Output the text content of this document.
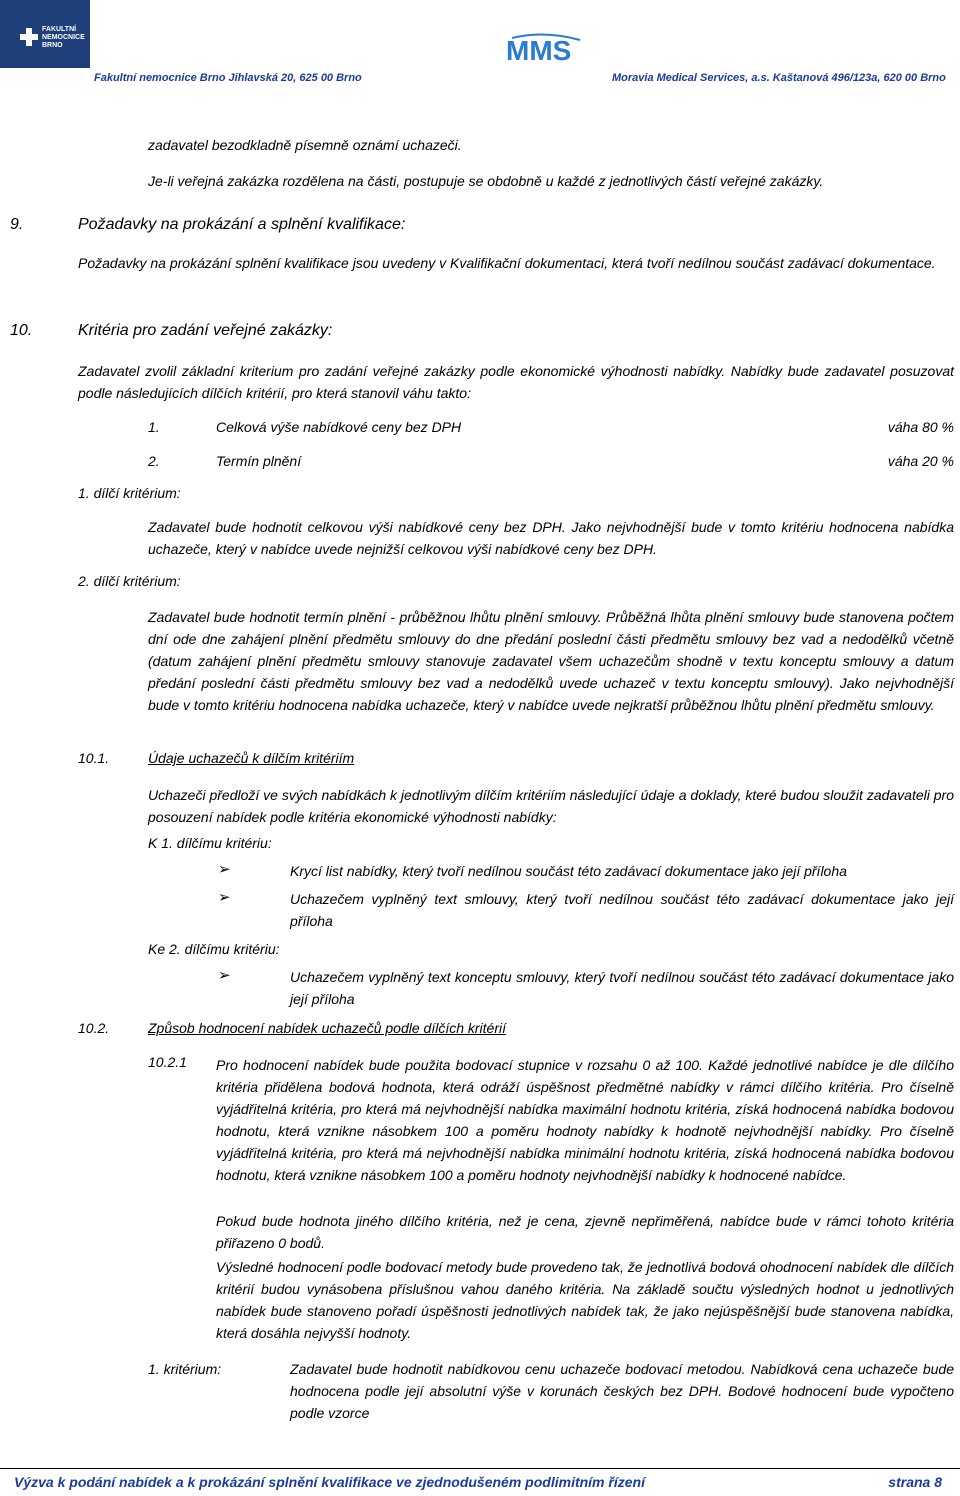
FAKULTNÍ
NEMOCNICE
BRNO	MMS
Fakultní nemocnice Brno Jihlavská 20, 625 00 Brno	Moravia Medical Services, a.s. Kaštanová 496/123a, 620 00 Brno
zadavatel bezodkladně písemně oznámí uchazeči.
Je-li veřejná zakázka rozdělena na části, postupuje se obdobně u každé z jednotlivých částí veřejné zakázky.
9.	Požadavky na prokázání a splnění kvalifikace:
Požadavky na prokázání splnění kvalifikace jsou uvedeny v Kvalifikační dokumentaci, která tvoří nedílnou součást zadávací dokumentace.
10.	Kritéria pro zadání veřejné zakázky:
Zadavatel zvolil základní kriterium pro zadání veřejné zakázky podle ekonomické výhodnosti nabídky. Nabídky bude zadavatel posuzovat podle následujících dílčích kritérií, pro která stanovil váhu takto:
1.	Celková výše nabídkové ceny bez DPH	váha 80 %
2.	Termín plnění	váha 20 %
1. dílčí kritérium:
Zadavatel bude hodnotit celkovou výši nabídkové ceny bez DPH. Jako nejvhodnější bude v tomto kritériu hodnocena nabídka uchazeče, který v nabídce uvede nejnižší celkovou výši nabídkové ceny bez DPH.
2. dílčí kritérium:
Zadavatel bude hodnotit termín plnění - průběžnou lhůtu plnění smlouvy. Průběžná lhůta plnění smlouvy bude stanovena počtem dní ode dne zahájení plnění předmětu smlouvy do dne předání poslední části předmětu smlouvy bez vad a nedodělků včetně (datum zahájení plnění předmětu smlouvy stanovuje zadavatel všem uchazečům shodně v textu konceptu smlouvy a datum předání poslední části předmětu smlouvy bez vad a nedodělků uvede uchazeč v textu konceptu smlouvy). Jako nejvhodnější bude v tomto kritériu hodnocena nabídka uchazeče, který v nabídce uvede nejkratší průběžnou lhůtu plnění předmětu smlouvy.
10.1.	Údaje uchazečů k dílčím kritériím
Uchazeči předloží ve svých nabídkách k jednotlivým dílčím kritériím následující údaje a doklady, které budou sloužit zadavateli pro posouzení nabídek podle kritéria ekonomické výhodnosti nabídky:
K 1. dílčímu kritériu:
➢	Krycí list nabídky, který tvoří nedílnou součást této zadávací dokumentace jako její příloha
➢	Uchazečem vyplněný text smlouvy, který tvoří nedílnou součást této zadávací dokumentace jako její příloha
Ke 2. dílčímu kritériu:
➢	Uchazečem vyplněný text konceptu smlouvy, který tvoří nedílnou součást této zadávací dokumentace jako její příloha
10.2.	Způsob hodnocení nabídek uchazečů podle dílčích kritérií
10.2.1 Pro hodnocení nabídek bude použita bodovací stupnice v rozsahu 0 až 100. Každé jednotlivé nabídce je dle dílčího kritéria přidělena bodová hodnota, která odráží úspěšnost předmětné nabídky v rámci dílčího kritéria. Pro číselně vyjádřitelná kritéria, pro která má nejvhodnější nabídka maximální hodnotu kritéria, získá hodnocená nabídka bodovou hodnotu, která vznikne násobkem 100 a poměru hodnoty nabídky k hodnotě nejvhodnější nabídky. Pro číselně vyjádřitelná kritéria, pro která má nejvhodnější nabídka minimální hodnotu kritéria, získá hodnocená nabídka bodovou hodnotu, která vznikne násobkem 100 a poměru hodnoty nejvhodnější nabídky k hodnocené nabídce.
Pokud bude hodnota jiného dílčího kritéria, než je cena, zjevně nepřiměřená, nabídce bude v rámci tohoto kritéria přiřazeno 0 bodů.
Výsledné hodnocení podle bodovací metody bude provedeno tak, že jednotlivá bodová ohodnocení nabídek dle dílčích kritérií budou vynásobena příslušnou vahou daného kritéria. Na základě součtu výsledných hodnot u jednotlivých nabídek bude stanoveno pořadí úspěšnosti jednotlivých nabídek tak, že jako nejúspěšnější bude stanovena nabídka, která dosáhla nejvyšší hodnoty.
1. kritérium:	Zadavatel bude hodnotit nabídkovou cenu uchazeče bodovací metodou. Nabídková cena uchazeče bude hodnocena podle její absolutní výše v korunách českých bez DPH. Bodové hodnocení bude vypočteno podle vzorce
Výzva k podání nabídek a k prokázání splnění kvalifikace ve zjednodušeném podlimitním řízení	strana 8
